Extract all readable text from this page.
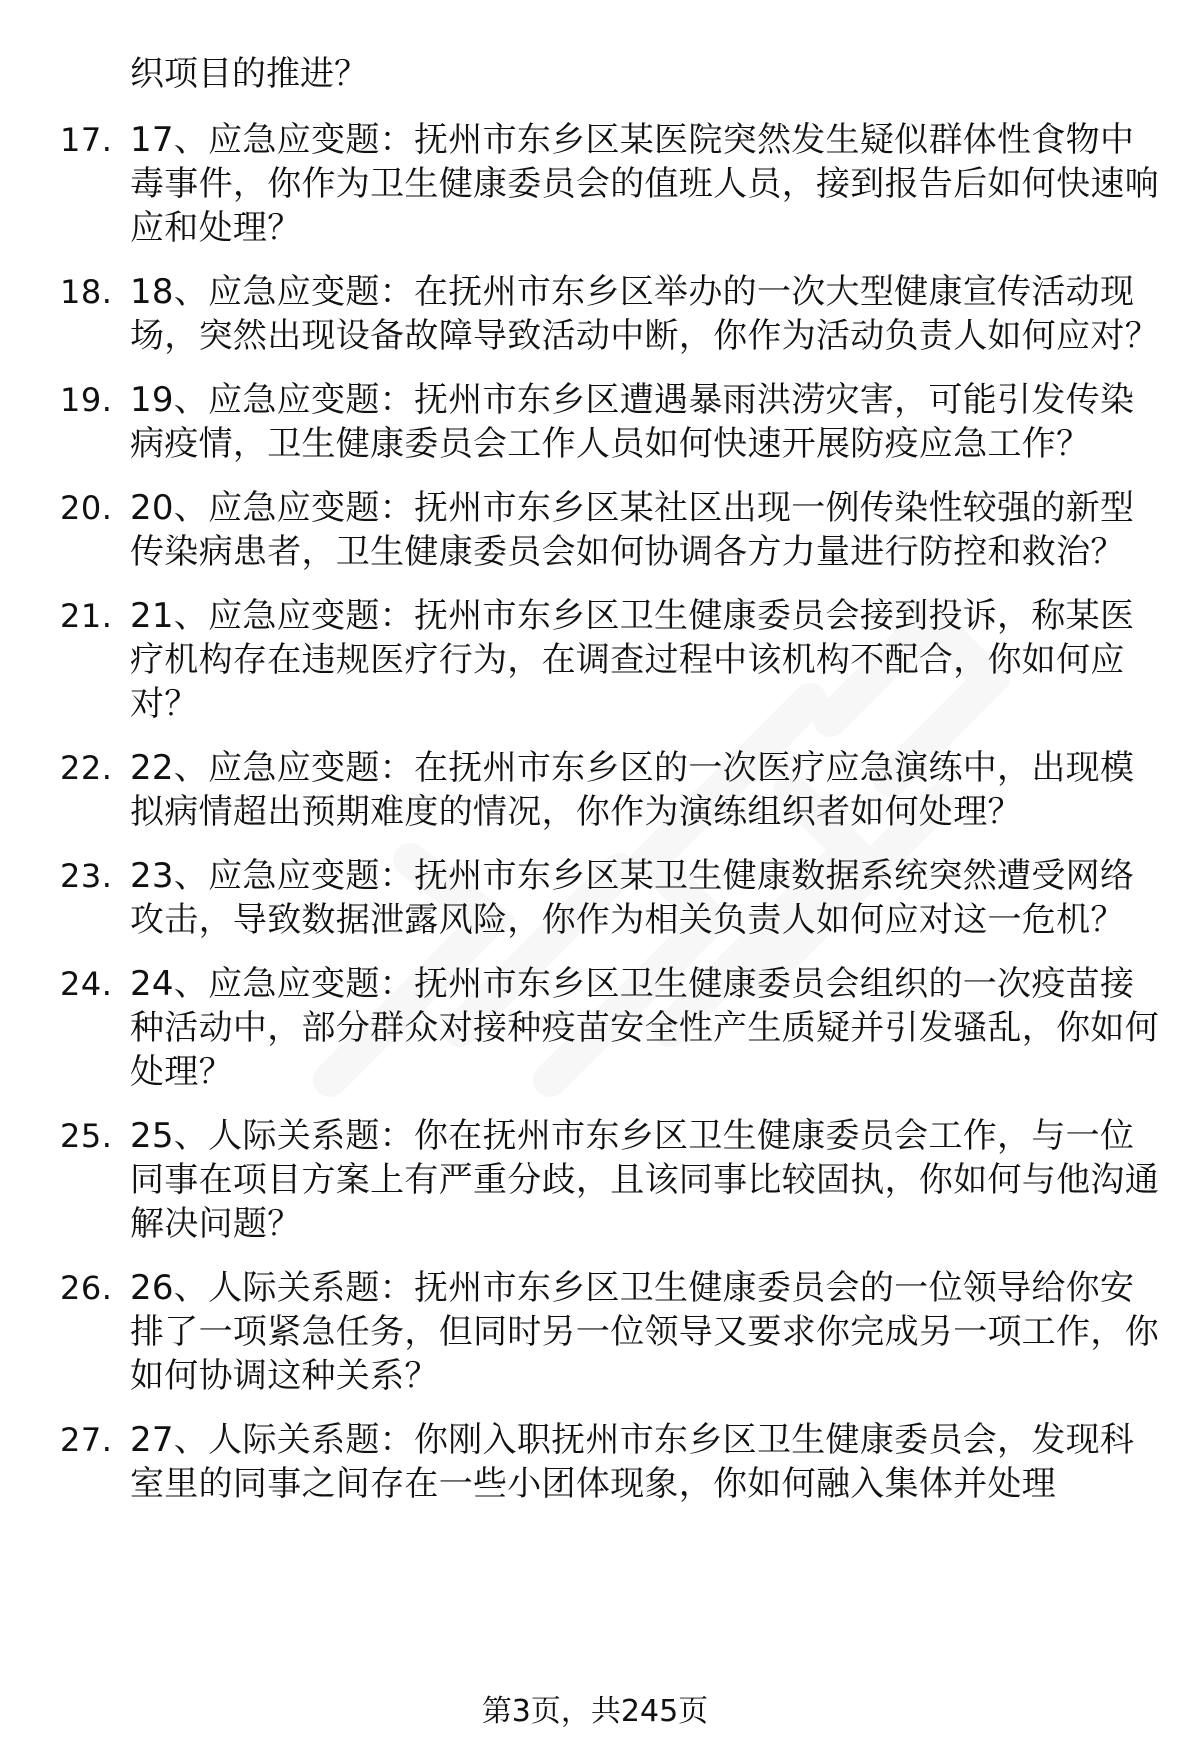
织项目的推进？
17. 17、应急应变题：抚州市东乡区某医院突然发生疑似群体性食物中毒事件，你作为卫生健康委员会的值班人员，接到报告后如何快速响应和处理？
18. 18、应急应变题：在抚州市东乡区举办的一次大型健康宣传活动现场，突然出现设备故障导致活动中断，你作为活动负责人如何应对？
19. 19、应急应变题：抚州市东乡区遭遇暴雨洪涝灾害，可能引发传染病疫情，卫生健康委员会工作人员如何快速开展防疫应急工作？
20. 20、应急应变题：抚州市东乡区某社区出现一例传染性较强的新型传染病患者，卫生健康委员会如何协调各方力量进行防控和救治？
21. 21、应急应变题：抚州市东乡区卫生健康委员会接到投诉，称某医疗机构存在违规医疗行为，在调查过程中该机构不配合，你如何应对？
22. 22、应急应变题：在抚州市东乡区的一次医疗应急演练中，出现模拟病情超出预期难度的情况，你作为演练组织者如何处理？
23. 23、应急应变题：抚州市东乡区某卫生健康数据系统突然遭受网络攻击，导致数据泄露风险，你作为相关负责人如何应对这一危机？
24. 24、应急应变题：抚州市东乡区卫生健康委员会组织的一次疫苗接种活动中，部分群众对接种疫苗安全性产生质疑并引发骚乱，你如何处理？
25. 25、人际关系题：你在抚州市东乡区卫生健康委员会工作，与一位同事在项目方案上有严重分歧，且该同事比较固执，你如何与他沟通解决问题？
26. 26、人际关系题：抚州市东乡区卫生健康委员会的一位领导给你安排了一项紧急任务，但同时另一位领导又要求你完成另一项工作，你如何协调这种关系？
27. 27、人际关系题：你刚入职抚州市东乡区卫生健康委员会，发现科室里的同事之间存在一些小团体现象，你如何融入集体并处理
第3页，共245页
